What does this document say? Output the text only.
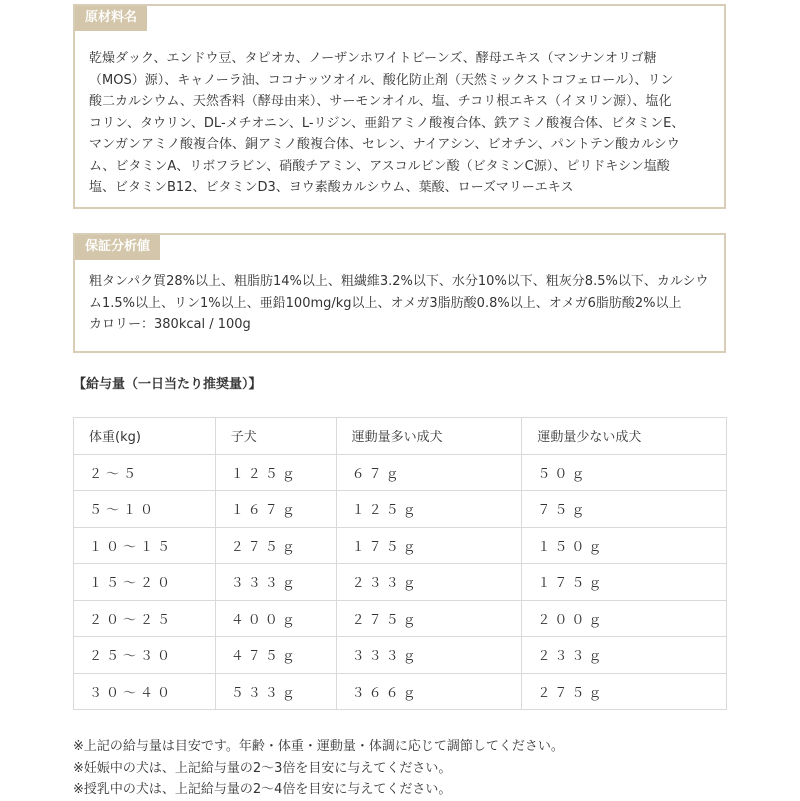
原材料名
乾燥ダック、エンドウ豆、タピオカ、ノーザンホワイトビーンズ、酵母エキス（マンナンオリゴ糖
（MOS）源）、キャノーラ油、ココナッツオイル、酸化防止剤（天然ミックストコフェロール）、リン
酸二カルシウム、天然香料（酵母由来）、サーモンオイル、塩、チコリ根エキス（イヌリン源）、塩化
コリン、タウリン、DL-メチオニン、L-リジン、亜鉛アミノ酸複合体、鉄アミノ酸複合体、ビタミンE、
マンガンアミノ酸複合体、銅アミノ酸複合体、セレン、ナイアシン、ビオチン、パントテン酸カルシウ
ム、ビタミンA、リボフラビン、硝酸チアミン、アスコルビン酸（ビタミンC源）、ピリドキシン塩酸
塩、ビタミンB12、ビタミンD3、ヨウ素酸カルシウム、葉酸、ローズマリーエキス
保証分析値
粗タンパク質28%以上、粗脂肪14%以上、粗繊維3.2%以下、水分10%以下、粗灰分8.5%以下、カルシウ
ム1.5%以上、リン1%以上、亜鉛100mg/kg以上、オメガ3脂肪酸0.8%以上、オメガ6脂肪酸2%以上
カロリー：380kcal / 100g
【給与量（一日当たり推奨量）】
体重(kg)	子犬	運動量多い成犬	運動量少ない成犬
２～５	１２５ｇ	６７ｇ	５０ｇ
５～１０	１６７ｇ	１２５ｇ	７５ｇ
１０～１５	２７５ｇ	１７５ｇ	１５０ｇ
１５～２０	３３３ｇ	２３３ｇ	１７５ｇ
２０～２５	４００ｇ	２７５ｇ	２００ｇ
２５～３０	４７５ｇ	３３３ｇ	２３３ｇ
３０～４０	５３３ｇ	３６６ｇ	２７５ｇ

※上記の給与量は目安です。年齢・体重・運動量・体調に応じて調節してください。

※妊娠中の犬は、上記給与量の2～3倍を目安に与えてください。

※授乳中の犬は、上記給与量の2～4倍を目安に与えてください。
